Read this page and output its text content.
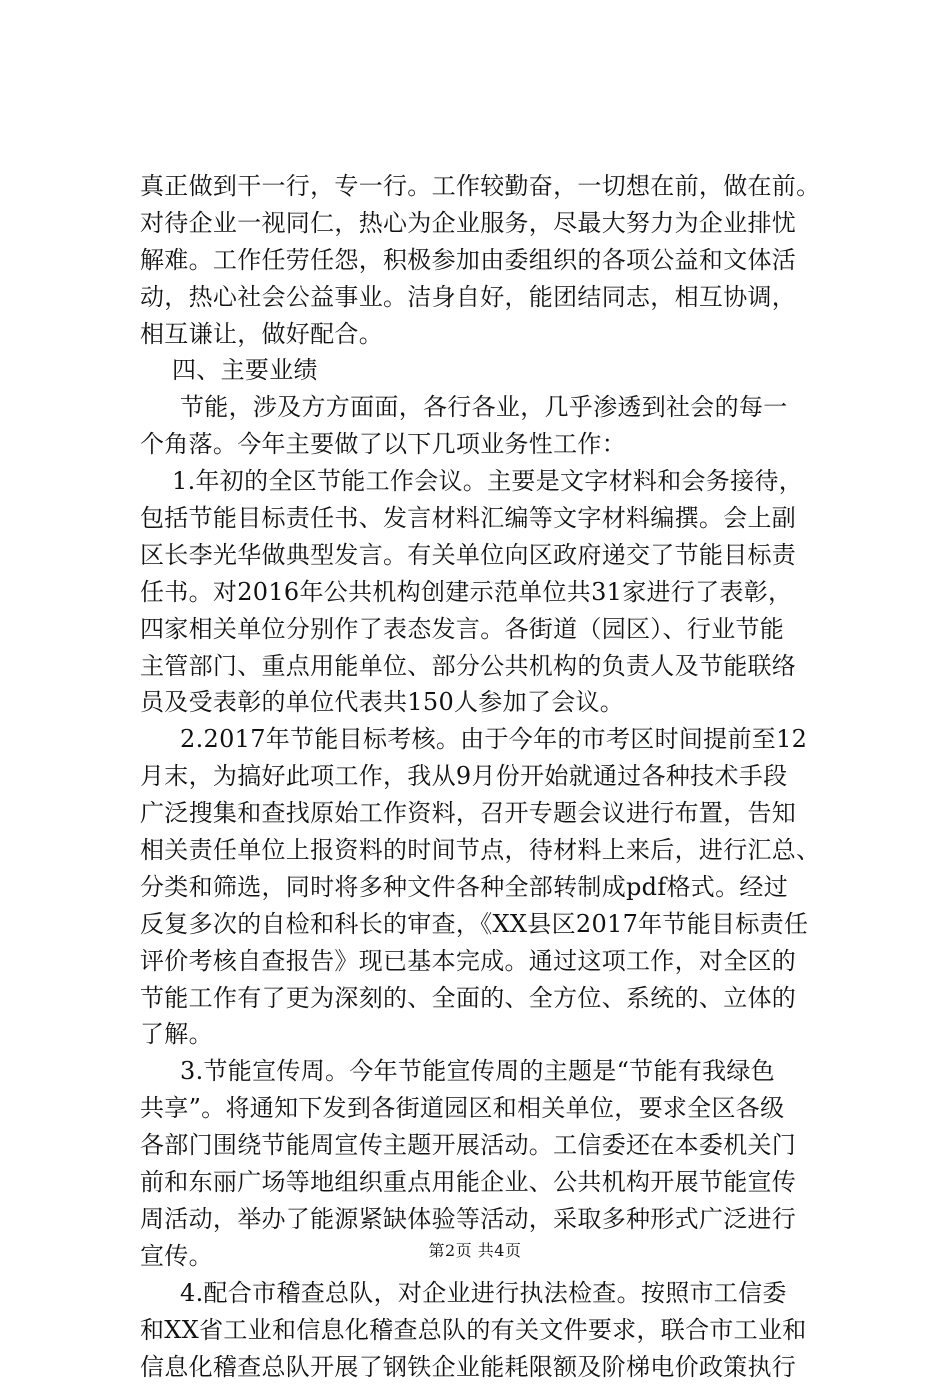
真正做到干一行，专一行。工作较勤奋，一切想在前，做在前。
对待企业一视同仁，热心为企业服务，尽最大努力为企业排忧
解难。工作任劳任怨，积极参加由委组织的各项公益和文体活
动，热心社会公益事业。洁身自好，能团结同志，相互协调，
相互谦让，做好配合。
四、主要业绩
节能，涉及方方面面，各行各业，几乎渗透到社会的每一
个角落。今年主要做了以下几项业务性工作：
1.年初的全区节能工作会议。主要是文字材料和会务接待，
包括节能目标责任书、发言材料汇编等文字材料编撰。会上副
区长李光华做典型发言。有关单位向区政府递交了节能目标责
任书。对2016年公共机构创建示范单位共31家进行了表彰，
四家相关单位分别作了表态发言。各街道（园区）、行业节能
主管部门、重点用能单位、部分公共机构的负责人及节能联络
员及受表彰的单位代表共150人参加了会议。
2.2017年节能目标考核。由于今年的市考区时间提前至12
月末，为搞好此项工作，我从9月份开始就通过各种技术手段
广泛搜集和查找原始工作资料，召开专题会议进行布置，告知
相关责任单位上报资料的时间节点，待材料上来后，进行汇总、
分类和筛选，同时将多种文件各种全部转制成pdf格式。经过
反复多次的自检和科长的审查，《XX县区2017年节能目标责任
评价考核自查报告》现已基本完成。通过这项工作，对全区的
节能工作有了更为深刻的、全面的、全方位、系统的、立体的
了解。
3.节能宣传周。今年节能宣传周的主题是“节能有我绿色
共享”。将通知下发到各街道园区和相关单位，要求全区各级
各部门围绕节能周宣传主题开展活动。工信委还在本委机关门
前和东丽广场等地组织重点用能企业、公共机构开展节能宣传
周活动，举办了能源紧缺体验等活动，采取多种形式广泛进行
宣传。
4.配合市稽查总队，对企业进行执法检查。按照市工信委
和XX省工业和信息化稽查总队的有关文件要求，联合市工业和
信息化稽查总队开展了钢铁企业能耗限额及阶梯电价政策执行
第2页 共4页
